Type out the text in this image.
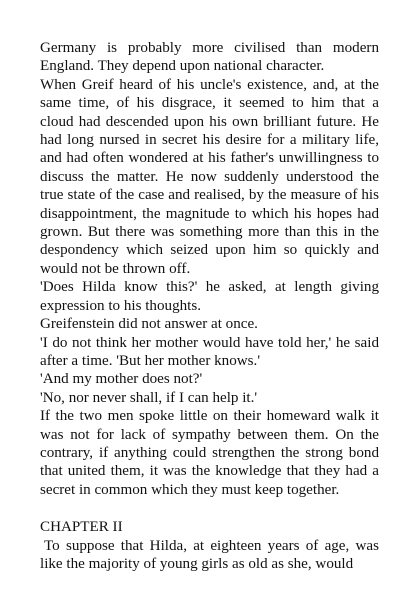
Germany is probably more civilised than modern England. They depend upon national character.

When Greif heard of his uncle's existence, and, at the same time, of his disgrace, it seemed to him that a cloud had descended upon his own brilliant future. He had long nursed in secret his desire for a military life, and had often wondered at his father's unwillingness to discuss the matter. He now suddenly understood the true state of the case and realised, by the measure of his disappointment, the magnitude to which his hopes had grown. But there was something more than this in the despondency which seized upon him so quickly and would not be thrown off.

'Does Hilda know this?' he asked, at length giving expression to his thoughts.

Greifenstein did not answer at once.

'I do not think her mother would have told her,' he said after a time. 'But her mother knows.'

'And my mother does not?'

'No, nor never shall, if I can help it.'

If the two men spoke little on their homeward walk it was not for lack of sympathy between them. On the contrary, if anything could strengthen the strong bond that united them, it was the knowledge that they had a secret in common which they must keep together.

CHAPTER II

To suppose that Hilda, at eighteen years of age, was like the majority of young girls as old as she, would
